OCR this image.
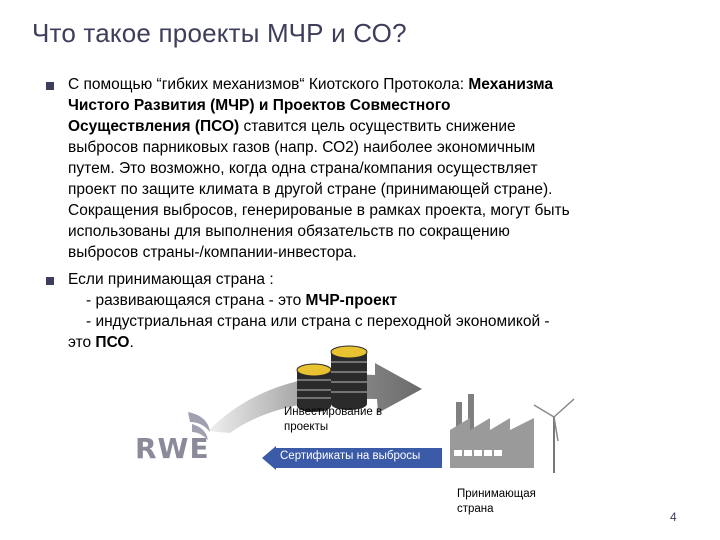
Что такое проекты МЧР и СО?
С помощью “гибких механизмов“ Киотского Протокола: Механизма
Чистого Развития (МЧР) и Проектов Совместного
Осуществления (ПСО) ставится цель осуществить снижение
выбросов парниковых газов (напр. СО2) наиболее экономичным
путем. Это возможно, когда одна страна/компания осуществляет
проект по защите климата в другой стране (принимающей стране).
Сокращения выбросов, генерированые в рамках проекта, могут быть
использованы для выполнения обязательств по сокращению
выбросов страны-/компании-инвестора.
Если принимающая страна :
- развивающаяся страна - это МЧР-проект
- индустриальная страна или страна с переходной экономикой -
это ПСО.
Инвестирование в
проекты
RWE	Сертификаты на выбросы
Принимающая
страна
4
